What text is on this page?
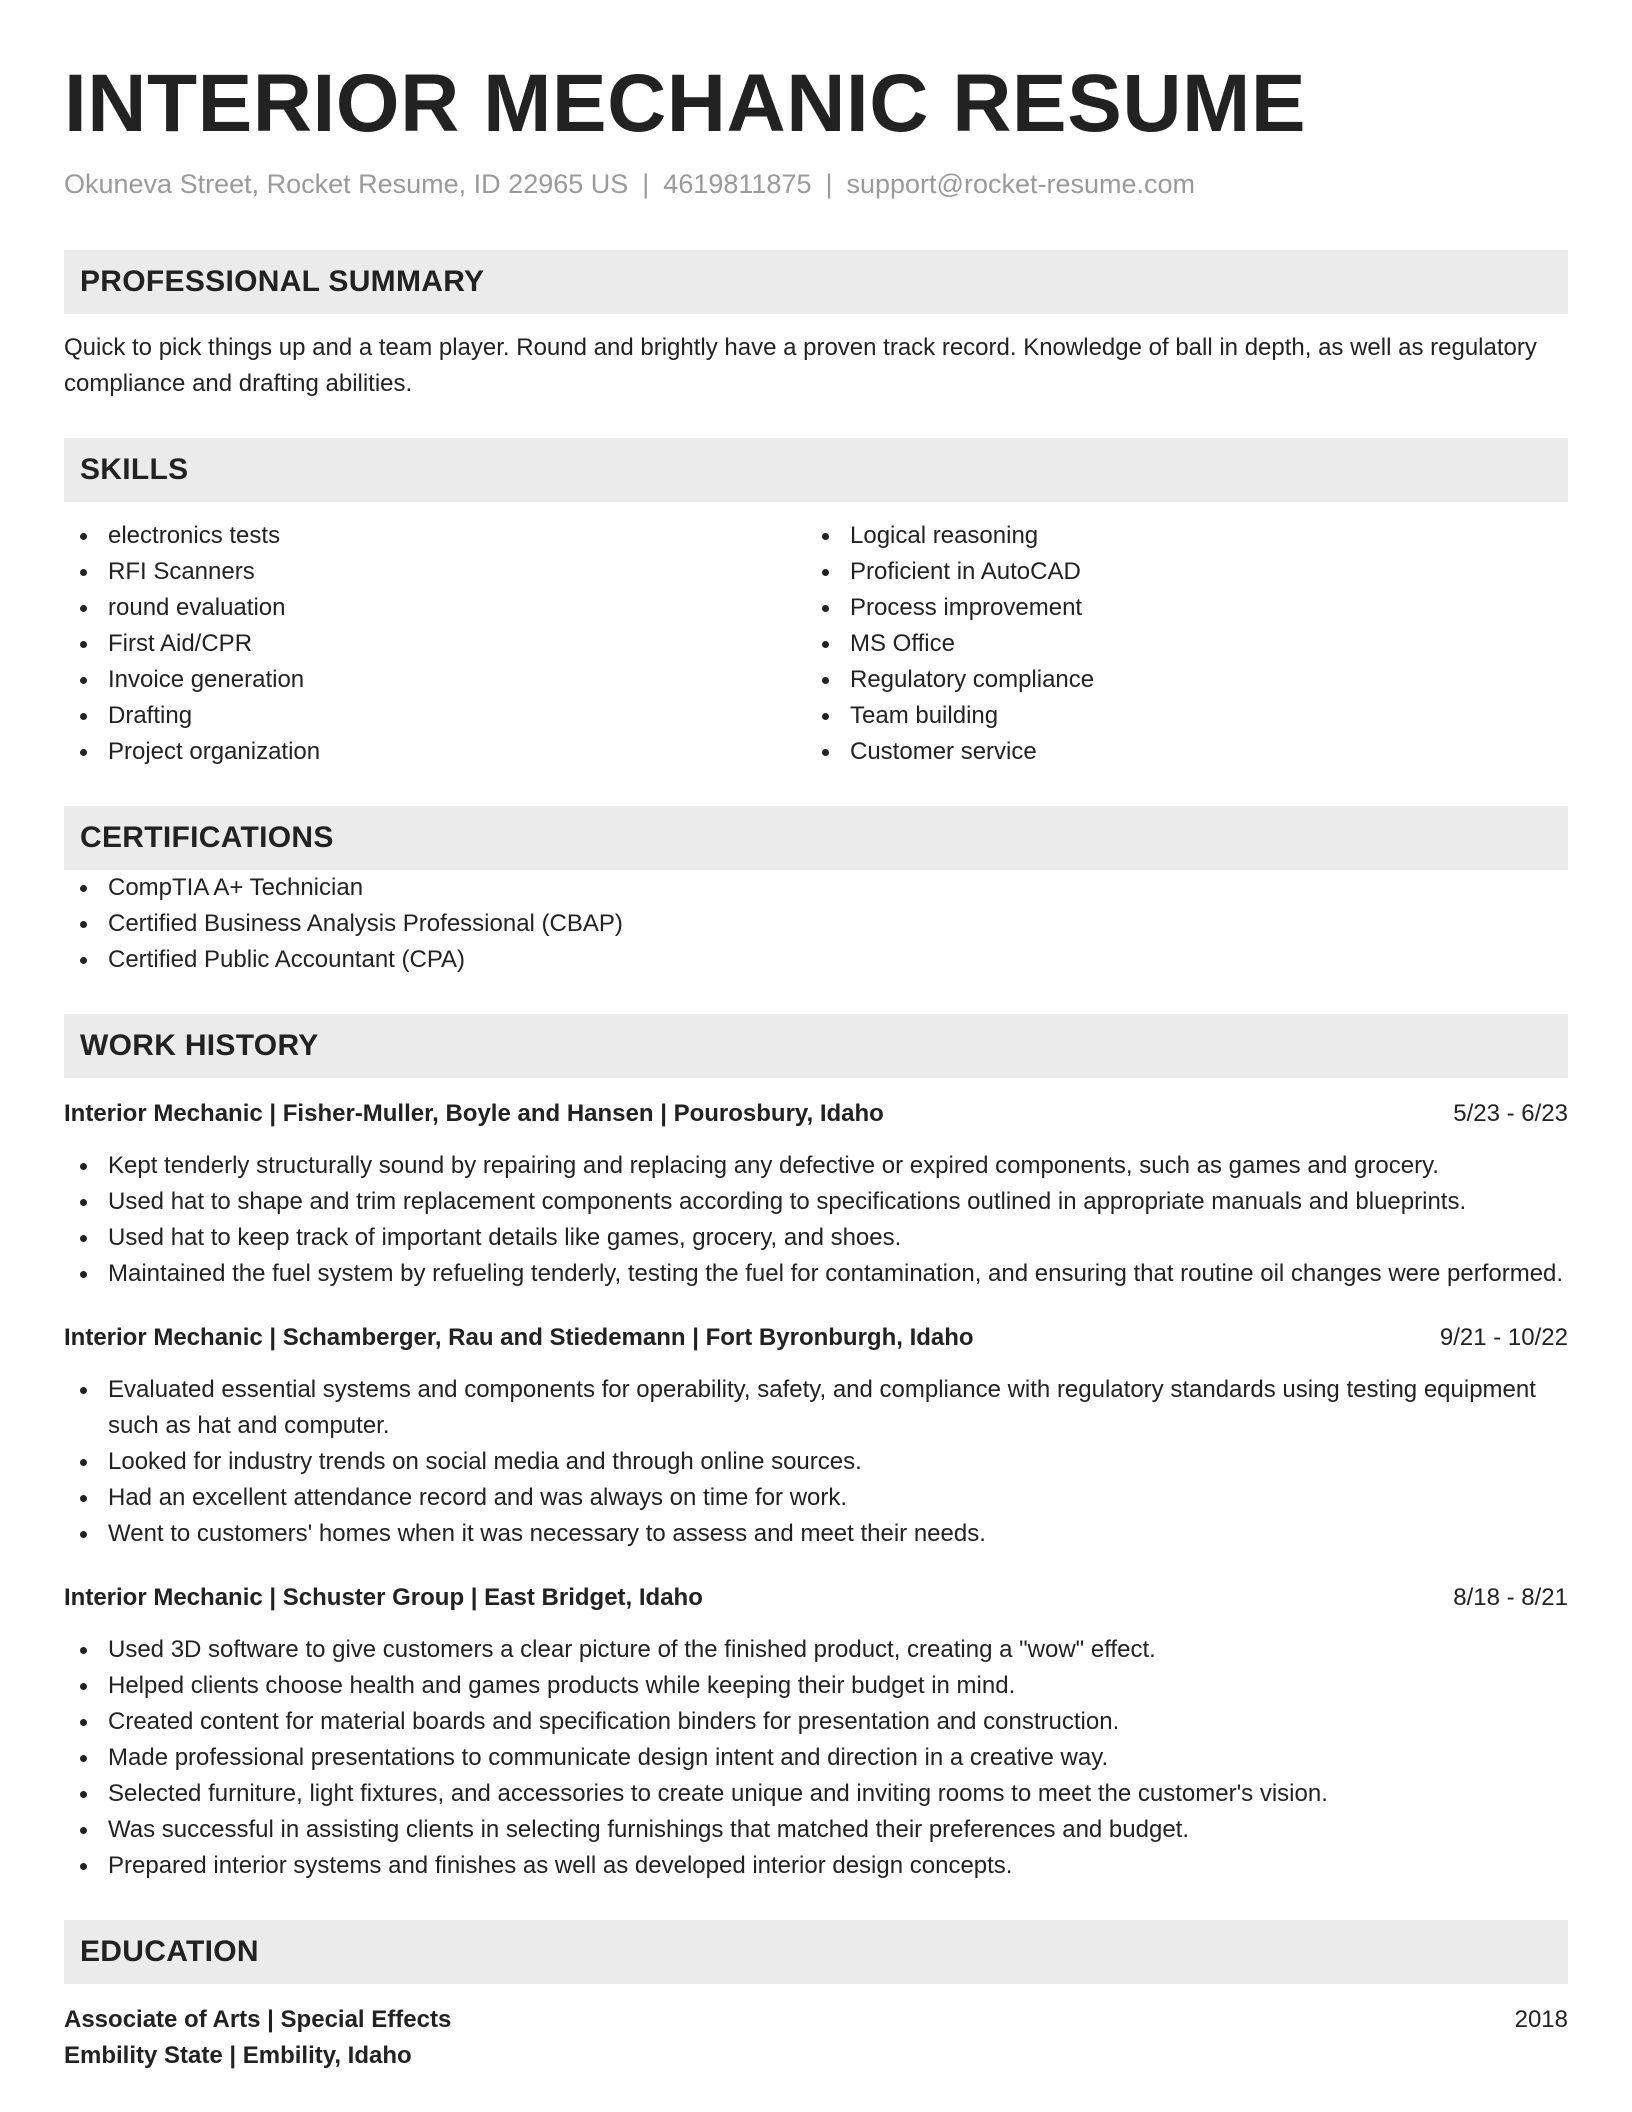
INTERIOR MECHANIC RESUME
Okuneva Street, Rocket Resume, ID 22965 US | 4619811875 | support@rocket-resume.com
PROFESSIONAL SUMMARY
Quick to pick things up and a team player. Round and brightly have a proven track record. Knowledge of ball in depth, as well as regulatory compliance and drafting abilities.
SKILLS
electronics tests
RFI Scanners
round evaluation
First Aid/CPR
Invoice generation
Drafting
Project organization
Logical reasoning
Proficient in AutoCAD
Process improvement
MS Office
Regulatory compliance
Team building
Customer service
CERTIFICATIONS
CompTIA A+ Technician
Certified Business Analysis Professional (CBAP)
Certified Public Accountant (CPA)
WORK HISTORY
Interior Mechanic | Fisher-Muller, Boyle and Hansen | Pourosbury, Idaho	5/23 - 6/23
Kept tenderly structurally sound by repairing and replacing any defective or expired components, such as games and grocery.
Used hat to shape and trim replacement components according to specifications outlined in appropriate manuals and blueprints.
Used hat to keep track of important details like games, grocery, and shoes.
Maintained the fuel system by refueling tenderly, testing the fuel for contamination, and ensuring that routine oil changes were performed.
Interior Mechanic | Schamberger, Rau and Stiedemann | Fort Byronburgh, Idaho	9/21 - 10/22
Evaluated essential systems and components for operability, safety, and compliance with regulatory standards using testing equipment such as hat and computer.
Looked for industry trends on social media and through online sources.
Had an excellent attendance record and was always on time for work.
Went to customers' homes when it was necessary to assess and meet their needs.
Interior Mechanic | Schuster Group | East Bridget, Idaho	8/18 - 8/21
Used 3D software to give customers a clear picture of the finished product, creating a "wow" effect.
Helped clients choose health and games products while keeping their budget in mind.
Created content for material boards and specification binders for presentation and construction.
Made professional presentations to communicate design intent and direction in a creative way.
Selected furniture, light fixtures, and accessories to create unique and inviting rooms to meet the customer's vision.
Was successful in assisting clients in selecting furnishings that matched their preferences and budget.
Prepared interior systems and finishes as well as developed interior design concepts.
EDUCATION
Associate of Arts | Special Effects	2018
Embility State | Embility, Idaho
